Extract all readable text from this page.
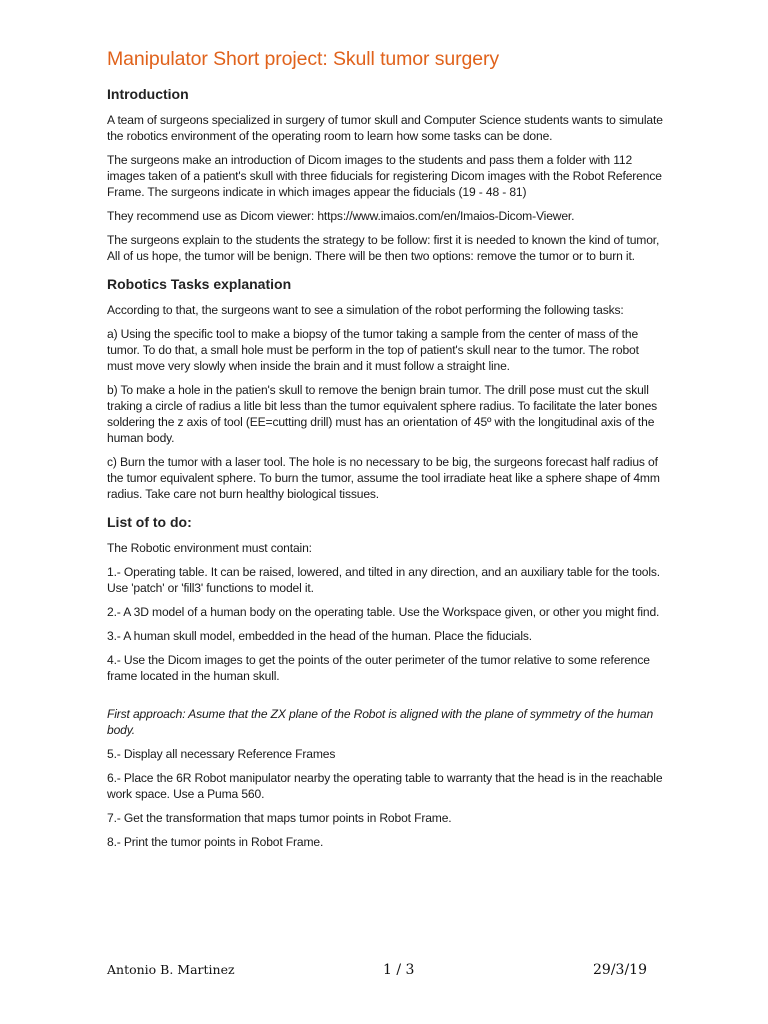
Manipulator Short project: Skull tumor surgery
Introduction

A team of surgeons specialized in surgery of tumor skull and Computer Science students wants to simulate the robotics environment of the operating room to learn how some tasks can be done.

The surgeons make an introduction of Dicom images to the students and pass them a folder with 112 images taken of a patient's skull with three fiducials for registering Dicom images with the Robot Reference Frame. The surgeons indicate in which images appear the fiducials (19 - 48 - 81)

They recommend use as Dicom viewer: https://www.imaios.com/en/Imaios-Dicom-Viewer.

The surgeons explain to the students the strategy to be follow: first it is needed to known the kind of tumor, All of us hope, the tumor will be benign. There will be then two options: remove the tumor or to burn it.

Robotics Tasks explanation

According to that, the surgeons want to see a simulation of the robot performing the following tasks:

a) Using the specific tool to make a biopsy of the tumor taking a sample from the center of mass of the tumor. To do that, a small hole must be perform in the top of patient's skull near to the tumor. The robot must move very slowly when inside the brain and it must follow a straight line.

b) To make a hole in the patien's skull to remove the benign brain tumor. The drill pose must cut the skull traking a circle of radius a litle bit less than the tumor equivalent sphere radius. To facilitate the later bones soldering the z axis of tool (EE=cutting drill) must has an orientation of 45º with the longitudinal axis of the human body.

c) Burn the tumor with a laser tool. The hole is no necessary to be big, the surgeons forecast half radius of the tumor equivalent sphere. To burn the tumor, assume the tool irradiate heat like a sphere shape of 4mm radius. Take care not burn healthy biological tissues.

List of to do:

The Robotic environment must contain:

1.- Operating table. It can be raised, lowered, and tilted in any direction, and an auxiliary table for the tools. Use 'patch' or 'fill3' functions to model it.

2.- A 3D model of a human body on the operating table. Use the Workspace given, or other you might find.

3.- A human skull model, embedded in the head of the human. Place the fiducials.

4.- Use the Dicom images to get the points of the outer perimeter of the tumor relative to some reference frame located in the human skull.

First approach: Asume that the ZX plane of the Robot is aligned with the plane of symmetry of the human body.

5.- Display all necessary Reference Frames

6.- Place the 6R Robot manipulator nearby the operating table to warranty that the head is in the reachable work space. Use a Puma 560.

7.- Get the transformation that maps tumor points in Robot Frame.

8.- Print the tumor points in Robot Frame.

Antonio B. Martinez	1 / 3	29/3/19
